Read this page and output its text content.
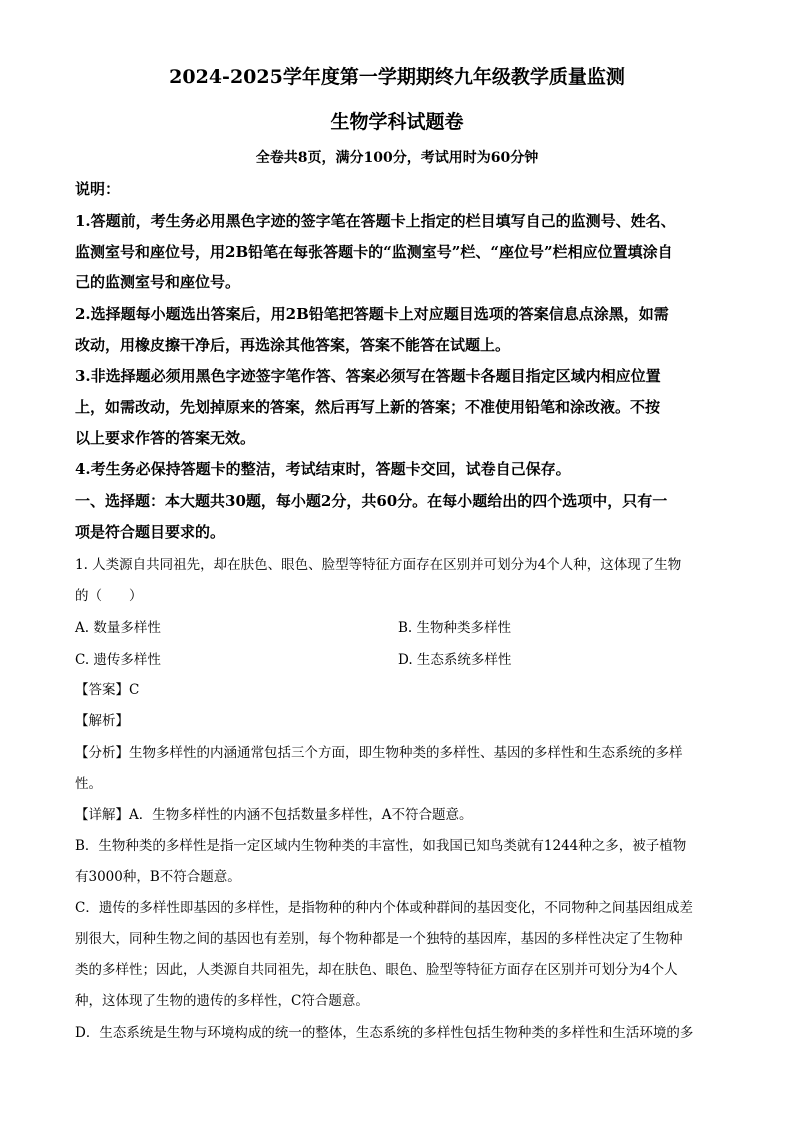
2024-2025学年度第一学期期终九年级教学质量监测
生物学科试题卷
全卷共8页，满分100分，考试用时为60分钟
说明：
1.答题前，考生务必用黑色字迹的签字笔在答题卡上指定的栏目填写自己的监测号、姓名、
监测室号和座位号，用2B铅笔在每张答题卡的“监测室号”栏、“座位号”栏相应位置填涂自
己的监测室号和座位号。
2.选择题每小题选出答案后，用2B铅笔把答题卡上对应题目选项的答案信息点涂黑，如需
改动，用橡皮擦干净后，再选涂其他答案，答案不能答在试题上。
3.非选择题必须用黑色字迹签字笔作答、答案必须写在答题卡各题目指定区域内相应位置
上，如需改动，先划掉原来的答案，然后再写上新的答案；不准使用铅笔和涂改液。不按
以上要求作答的答案无效。
4.考生务必保持答题卡的整洁，考试结束时，答题卡交回，试卷自己保存。
一、选择题：本大题共30题，每小题2分，共60分。在每小题给出的四个选项中，只有一
项是符合题目要求的。
1. 人类源自共同祖先，却在肤色、眼色、脸型等特征方面存在区别并可划分为4个人种，这体现了生物
的（　　）
A. 数量多样性	B. 生物种类多样性
C. 遗传多样性	D. 生态系统多样性
【答案】C
【解析】
【分析】生物多样性的内涵通常包括三个方面，即生物种类的多样性、基因的多样性和生态系统的多样
性。
【详解】A．生物多样性的内涵不包括数量多样性，A不符合题意。
B．生物种类的多样性是指一定区域内生物种类的丰富性，如我国已知鸟类就有1244种之多，被子植物
有3000种，B不符合题意。
C．遗传的多样性即基因的多样性，是指物种的种内个体或种群间的基因变化，不同物种之间基因组成差
别很大，同种生物之间的基因也有差别，每个物种都是一个独特的基因库，基因的多样性决定了生物种
类的多样性；因此，人类源自共同祖先，却在肤色、眼色、脸型等特征方面存在区别并可划分为4个人
种，这体现了生物的遗传的多样性，C符合题意。
D．生态系统是生物与环境构成的统一的整体，生态系统的多样性包括生物种类的多样性和生活环境的多
